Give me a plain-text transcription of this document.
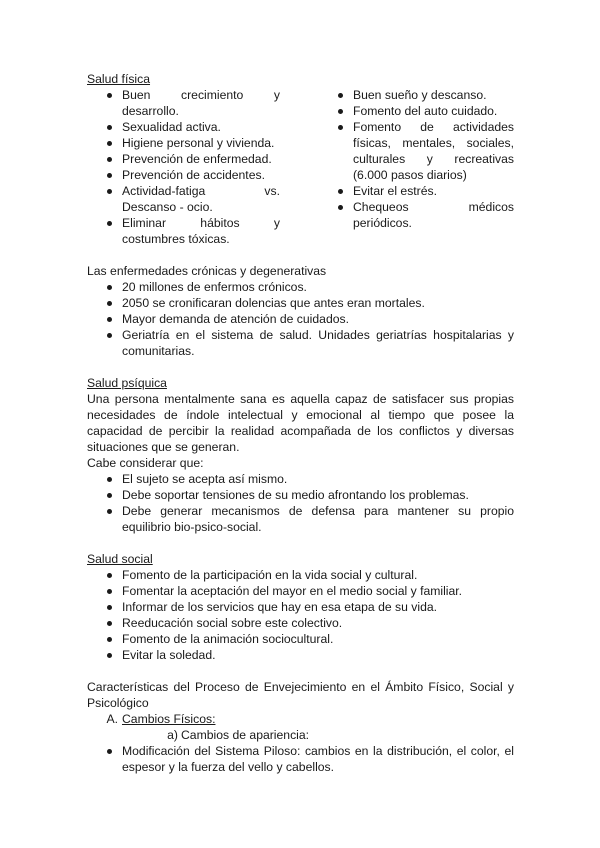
Salud física

Buen crecimiento y desarrollo.
Sexualidad activa.
Higiene personal y vivienda.
Prevención de enfermedad.
Prevención de accidentes.
Actividad-fatiga vs. Descanso - ocio.
Eliminar hábitos y costumbres tóxicas.
Buen sueño y descanso.
Fomento del auto cuidado.
Fomento de actividades físicas, mentales, sociales, culturales y recreativas (6.000 pasos diarios)
Evitar el estrés.
Chequeos médicos periódicos.

Las enfermedades crónicas y degenerativas

20 millones de enfermos crónicos.
2050 se cronificaran dolencias que antes eran mortales.
Mayor demanda de atención de cuidados.
Geriatría en el sistema de salud. Unidades geriatrías hospitalarias y comunitarias.

Salud psíquica

Una persona mentalmente sana es aquella capaz de satisfacer sus propias necesidades de índole intelectual y emocional al tiempo que posee la capacidad de percibir la realidad acompañada de los conflictos y diversas situaciones que se generan.

Cabe considerar que:

El sujeto se acepta así mismo.
Debe soportar tensiones de su medio afrontando los problemas.
Debe generar mecanismos de defensa para mantener su propio equilibrio bio-psico-social.

Salud social

Fomento de la participación en la vida social y cultural.
Fomentar la aceptación del mayor en el medio social y familiar.
Informar de los servicios que hay en esa etapa de su vida.
Reeducación social sobre este colectivo.
Fomento de la animación sociocultural.
Evitar la soledad.

Características del Proceso de Envejecimiento en el Ámbito Físico, Social y Psicológico

A. Cambios Físicos:
a) Cambios de apariencia:
Modificación del Sistema Piloso: cambios en la distribución, el color, el espesor y la fuerza del vello y cabellos.
